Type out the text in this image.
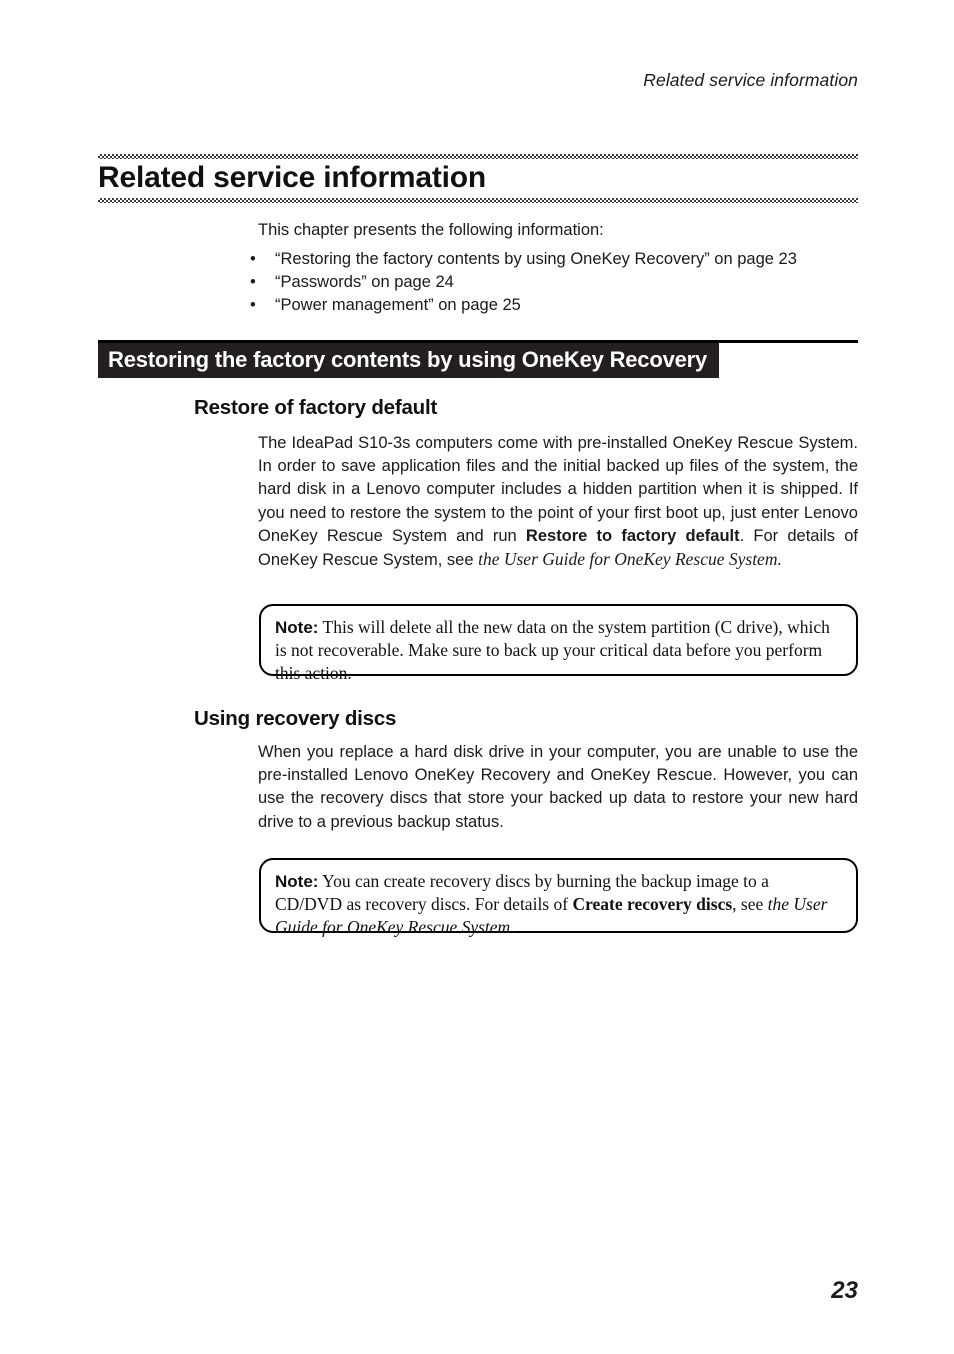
Related service information
Related service information
This chapter presents the following information:
• “Restoring the factory contents by using OneKey Recovery” on page 23
• “Passwords” on page 24
• “Power management” on page 25
Restoring the factory contents by using OneKey Recovery
Restore of factory default
The IdeaPad S10-3s computers come with pre-installed OneKey Rescue System. In order to save application files and the initial backed up files of the system, the hard disk in a Lenovo computer includes a hidden partition when it is shipped. If you need to restore the system to the point of your first boot up, just enter Lenovo OneKey Rescue System and run Restore to factory default. For details of OneKey Rescue System, see the User Guide for OneKey Rescue System.
Note: This will delete all the new data on the system partition (C drive), which is not recoverable. Make sure to back up your critical data before you perform this action.
Using recovery discs
When you replace a hard disk drive in your computer, you are unable to use the pre-installed Lenovo OneKey Recovery and OneKey Rescue. However, you can use the recovery discs that store your backed up data to restore your new hard drive to a previous backup status.
Note: You can create recovery discs by burning the backup image to a CD/DVD as recovery discs. For details of Create recovery discs, see the User Guide for OneKey Rescue System.
23
